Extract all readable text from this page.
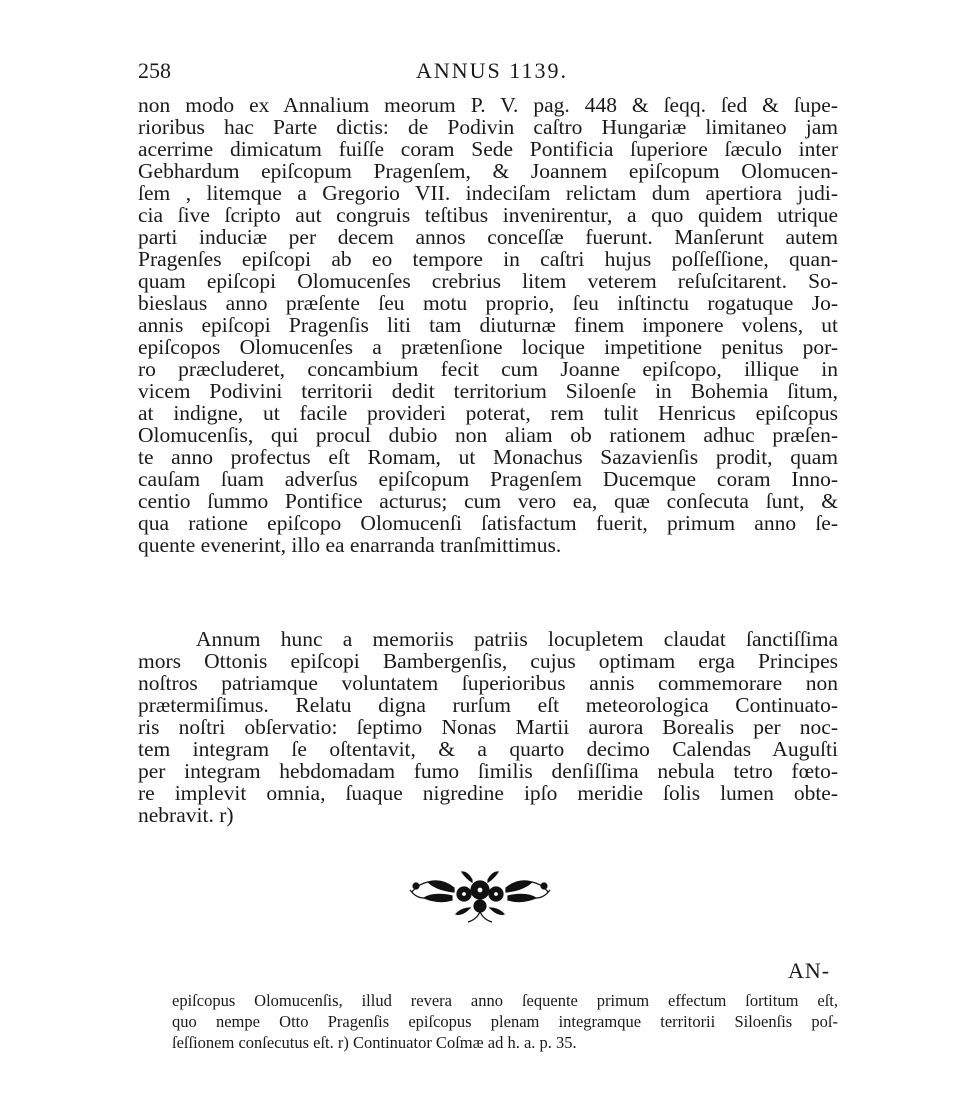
258	ANNUS 1139.
non modo ex Annalium meorum P. V. pag. 448 & ſeqq. ſed & ſupe-
rioribus hac Parte dictis: de Podivin caſtro Hungariæ limitaneo jam
acerrime dimicatum fuiſſe coram Sede Pontificia ſuperiore ſæculo inter
Gebhardum epiſcopum Pragenſem, & Joannem epiſcopum Olomucen-
ſem , litemque a Gregorio VII. indeciſam relictam dum apertiora judi-
cia ſive ſcripto aut congruis teſtibus invenirentur, a quo quidem utrique
parti induciæ per decem annos conceſſæ fuerunt. Manſerunt autem
Pragenſes epiſcopi ab eo tempore in caſtri hujus poſſeſſione, quan-
quam epiſcopi Olomucenſes crebrius litem veterem reſuſcitarent. So-
bieslaus anno præſente ſeu motu proprio, ſeu inſtinctu rogatuque Jo-
annis epiſcopi Pragenſis liti tam diuturnæ finem imponere volens, ut
epiſcopos Olomucenſes a prætenſione locique impetitione penitus por-
ro præcluderet, concambium fecit cum Joanne epiſcopo, illique in
vicem Podivini territorii dedit territorium Siloenſe in Bohemia ſitum,
at indigne, ut facile provideri poterat, rem tulit Henricus epiſcopus
Olomucenſis, qui procul dubio non aliam ob rationem adhuc præſen-
te anno profectus eſt Romam, ut Monachus Sazavienſis prodit, quam
cauſam ſuam adverſus epiſcopum Pragenſem Ducemque coram Inno-
centio ſummo Pontifice acturus; cum vero ea, quæ conſecuta ſunt, &
qua ratione epiſcopo Olomucenſi ſatisfactum fuerit, primum anno ſe-
quente evenerint, illo ea enarranda tranſmittimus.
Annum hunc a memoriis patriis locupletem claudat ſanctiſſima
mors Ottonis epiſcopi Bambergenſis, cujus optimam erga Principes
noſtros patriamque voluntatem ſuperioribus annis commemorare non
prætermiſimus. Relatu digna rurſum eſt meteorologica Continuato-
ris noſtri obſervatio: ſeptimo Nonas Martii aurora Borealis per noc-
tem integram ſe oſtentavit, & a quarto decimo Calendas Auguſti
per integram hebdomadam fumo ſimilis denſiſſima nebula tetro fœto-
re implevit omnia, ſuaque nigredine ipſo meridie ſolis lumen obte-
nebravit. r)
AN-
epiſcopus Olomucenſis, illud revera anno ſequente primum effectum ſortitum eſt,
quo nempe Otto Pragenſis epiſcopus plenam integramque territorii Siloenſis poſ-
ſeſſionem conſecutus eſt. r) Continuator Coſmæ ad h. a. p. 35.
